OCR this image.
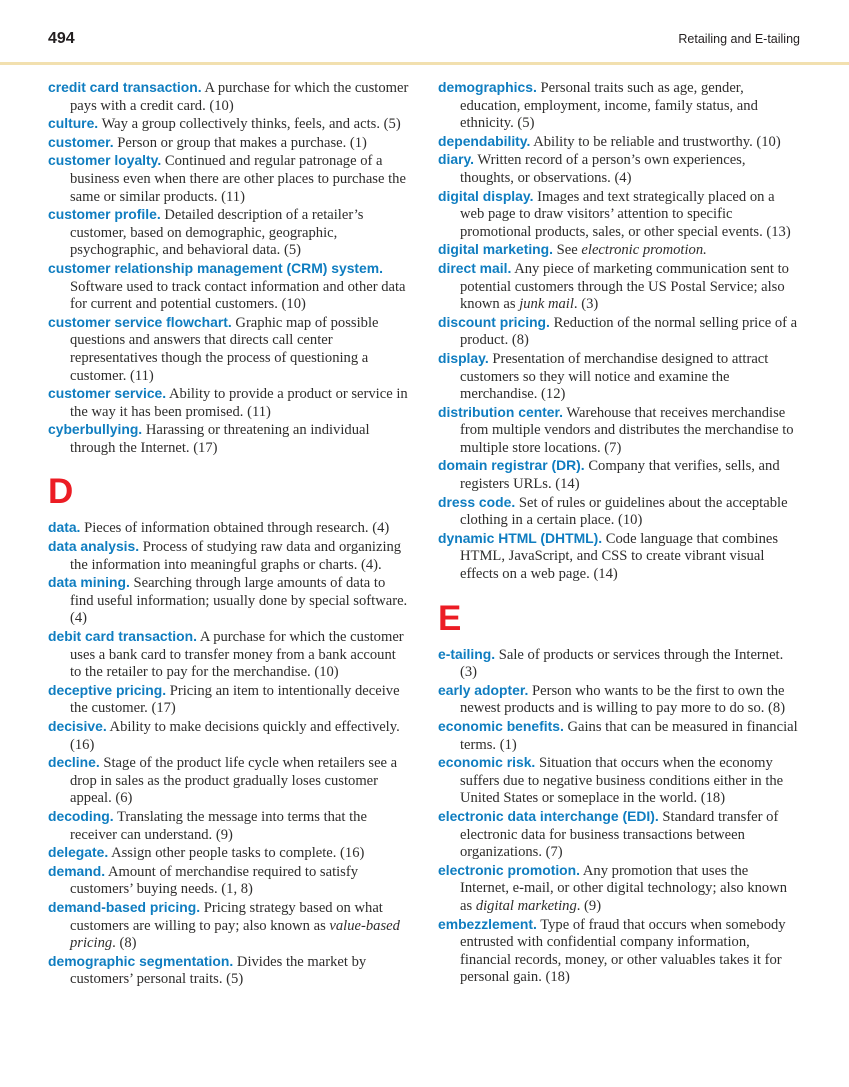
494	Retailing and E-tailing

credit card transaction. A purchase for which the customer pays with a credit card. (10)

culture. Way a group collectively thinks, feels, and acts. (5)

customer. Person or group that makes a purchase. (1)

customer loyalty. Continued and regular patronage of a business even when there are other places to purchase the same or similar products. (11)

customer profile. Detailed description of a retailer’s customer, based on demographic, geographic, psychographic, and behavioral data. (5)

customer relationship management (CRM) system. Software used to track contact information and other data for current and potential customers. (10)

customer service flowchart. Graphic map of possible questions and answers that directs call center representatives though the process of questioning a customer. (11)

customer service. Ability to provide a product or service in the way it has been promised. (11)

cyberbullying. Harassing or threatening an individual through the Internet. (17)

D

data. Pieces of information obtained through research. (4)

data analysis. Process of studying raw data and organizing the information into meaningful graphs or charts. (4).

data mining. Searching through large amounts of data to find useful information; usually done by special software. (4)

debit card transaction. A purchase for which the customer uses a bank card to transfer money from a bank account to the retailer to pay for the merchandise. (10)

deceptive pricing. Pricing an item to intentionally deceive the customer. (17)

decisive. Ability to make decisions quickly and effectively. (16)

decline. Stage of the product life cycle when retailers see a drop in sales as the product gradually loses customer appeal. (6)

decoding. Translating the message into terms that the receiver can understand. (9)

delegate. Assign other people tasks to complete. (16)

demand. Amount of merchandise required to satisfy customers’ buying needs. (1, 8)

demand-based pricing. Pricing strategy based on what customers are willing to pay; also known as value-based pricing. (8)

demographic segmentation. Divides the market by customers’ personal traits. (5)

demographics. Personal traits such as age, gender, education, employment, income, family status, and ethnicity. (5)

dependability. Ability to be reliable and trustworthy. (10)

diary. Written record of a person’s own experiences, thoughts, or observations. (4)

digital display. Images and text strategically placed on a web page to draw visitors’ attention to specific promotional products, sales, or other special events. (13)

digital marketing. See electronic promotion.

direct mail. Any piece of marketing communication sent to potential customers through the US Postal Service; also known as junk mail. (3)

discount pricing. Reduction of the normal selling price of a product. (8)

display. Presentation of merchandise designed to attract customers so they will notice and examine the merchandise. (12)

distribution center. Warehouse that receives merchandise from multiple vendors and distributes the merchandise to multiple store locations. (7)

domain registrar (DR). Company that verifies, sells, and registers URLs. (14)

dress code. Set of rules or guidelines about the acceptable clothing in a certain place. (10)

dynamic HTML (DHTML). Code language that combines HTML, JavaScript, and CSS to create vibrant visual effects on a web page. (14)

E

e-tailing. Sale of products or services through the Internet. (3)

early adopter. Person who wants to be the first to own the newest products and is willing to pay more to do so. (8)

economic benefits. Gains that can be measured in financial terms. (1)

economic risk. Situation that occurs when the economy suffers due to negative business conditions either in the United States or someplace in the world. (18)

electronic data interchange (EDI). Standard transfer of electronic data for business transactions between organizations. (7)

electronic promotion. Any promotion that uses the Internet, e-mail, or other digital technology; also known as digital marketing. (9)

embezzlement. Type of fraud that occurs when somebody entrusted with confidential company information, financial records, money, or other valuables takes it for personal gain. (18)
